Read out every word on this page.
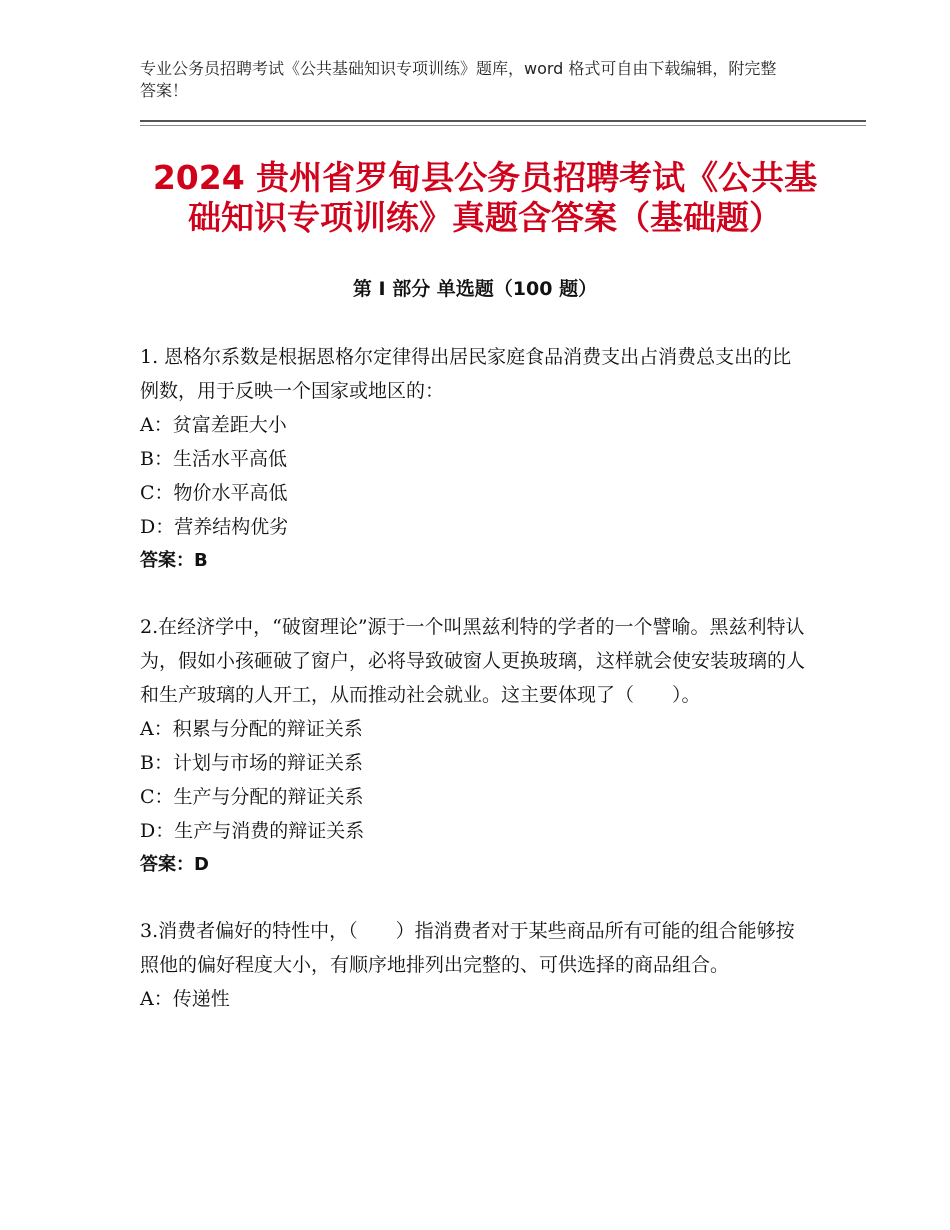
专业公务员招聘考试《公共基础知识专项训练》题库，word 格式可自由下载编辑，附完整答案！
2024 贵州省罗甸县公务员招聘考试《公共基础知识专项训练》真题含答案（基础题）
第 I 部分 单选题（100 题）

1. 恩格尔系数是根据恩格尔定律得出居民家庭食品消费支出占消费总支出的比例数，用于反映一个国家或地区的：

A：贫富差距大小

B：生活水平高低

C：物价水平高低

D：营养结构优劣

答案：B

2.在经济学中，“破窗理论”源于一个叫黑兹利特的学者的一个譬喻。黑兹利特认为，假如小孩砸破了窗户，必将导致破窗人更换玻璃，这样就会使安装玻璃的人和生产玻璃的人开工，从而推动社会就业。这主要体现了（　　）。

A：积累与分配的辩证关系

B：计划与市场的辩证关系

C：生产与分配的辩证关系

D：生产与消费的辩证关系

答案：D

3.消费者偏好的特性中，（　　）指消费者对于某些商品所有可能的组合能够按照他的偏好程度大小，有顺序地排列出完整的、可供选择的商品组合。

A：传递性
